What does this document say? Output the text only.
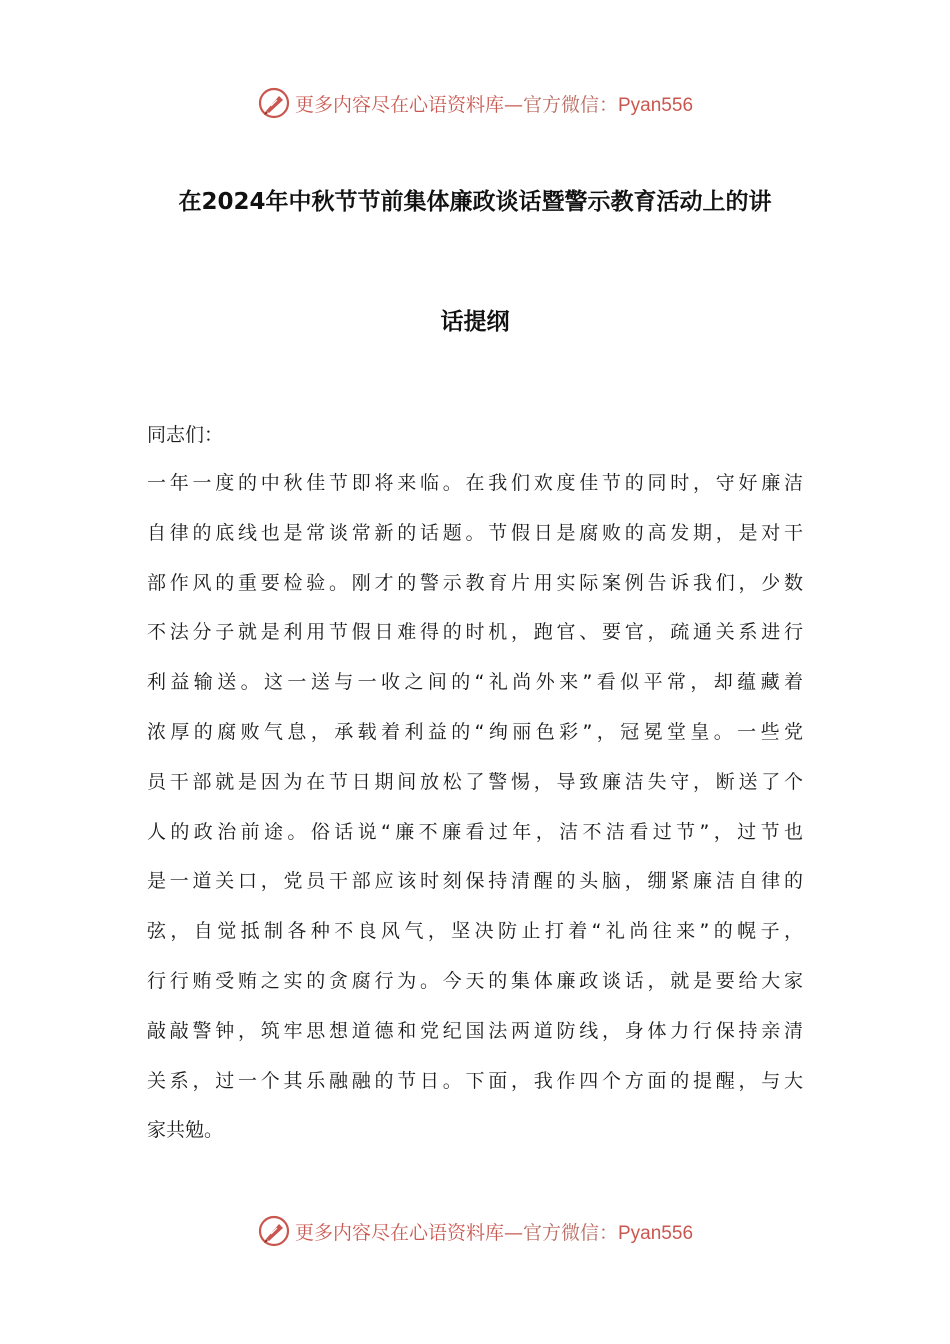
更多内容尽在心语资料库—官方微信：Pyan556
在2024年中秋节节前集体廉政谈话暨警示教育活动上的讲
话提纲
同志们：
一年一度的中秋佳节即将来临。在我们欢度佳节的同时，守好廉洁
自律的底线也是常谈常新的话题。节假日是腐败的高发期，是对干
部作风的重要检验。刚才的警示教育片用实际案例告诉我们，少数
不法分子就是利用节假日难得的时机，跑官、要官，疏通关系进行
利益输送。这一送与一收之间的“礼尚外来”看似平常，却蕴藏着
浓厚的腐败气息，承载着利益的“绚丽色彩”，冠冕堂皇。一些党
员干部就是因为在节日期间放松了警惕，导致廉洁失守，断送了个
人的政治前途。俗话说“廉不廉看过年，洁不洁看过节”，过节也
是一道关口，党员干部应该时刻保持清醒的头脑，绷紧廉洁自律的
弦，自觉抵制各种不良风气，坚决防止打着“礼尚往来”的幌子，
行行贿受贿之实的贪腐行为。今天的集体廉政谈话，就是要给大家
敲敲警钟，筑牢思想道德和党纪国法两道防线，身体力行保持亲清
关系，过一个其乐融融的节日。下面，我作四个方面的提醒，与大
家共勉。
更多内容尽在心语资料库—官方微信：Pyan556
